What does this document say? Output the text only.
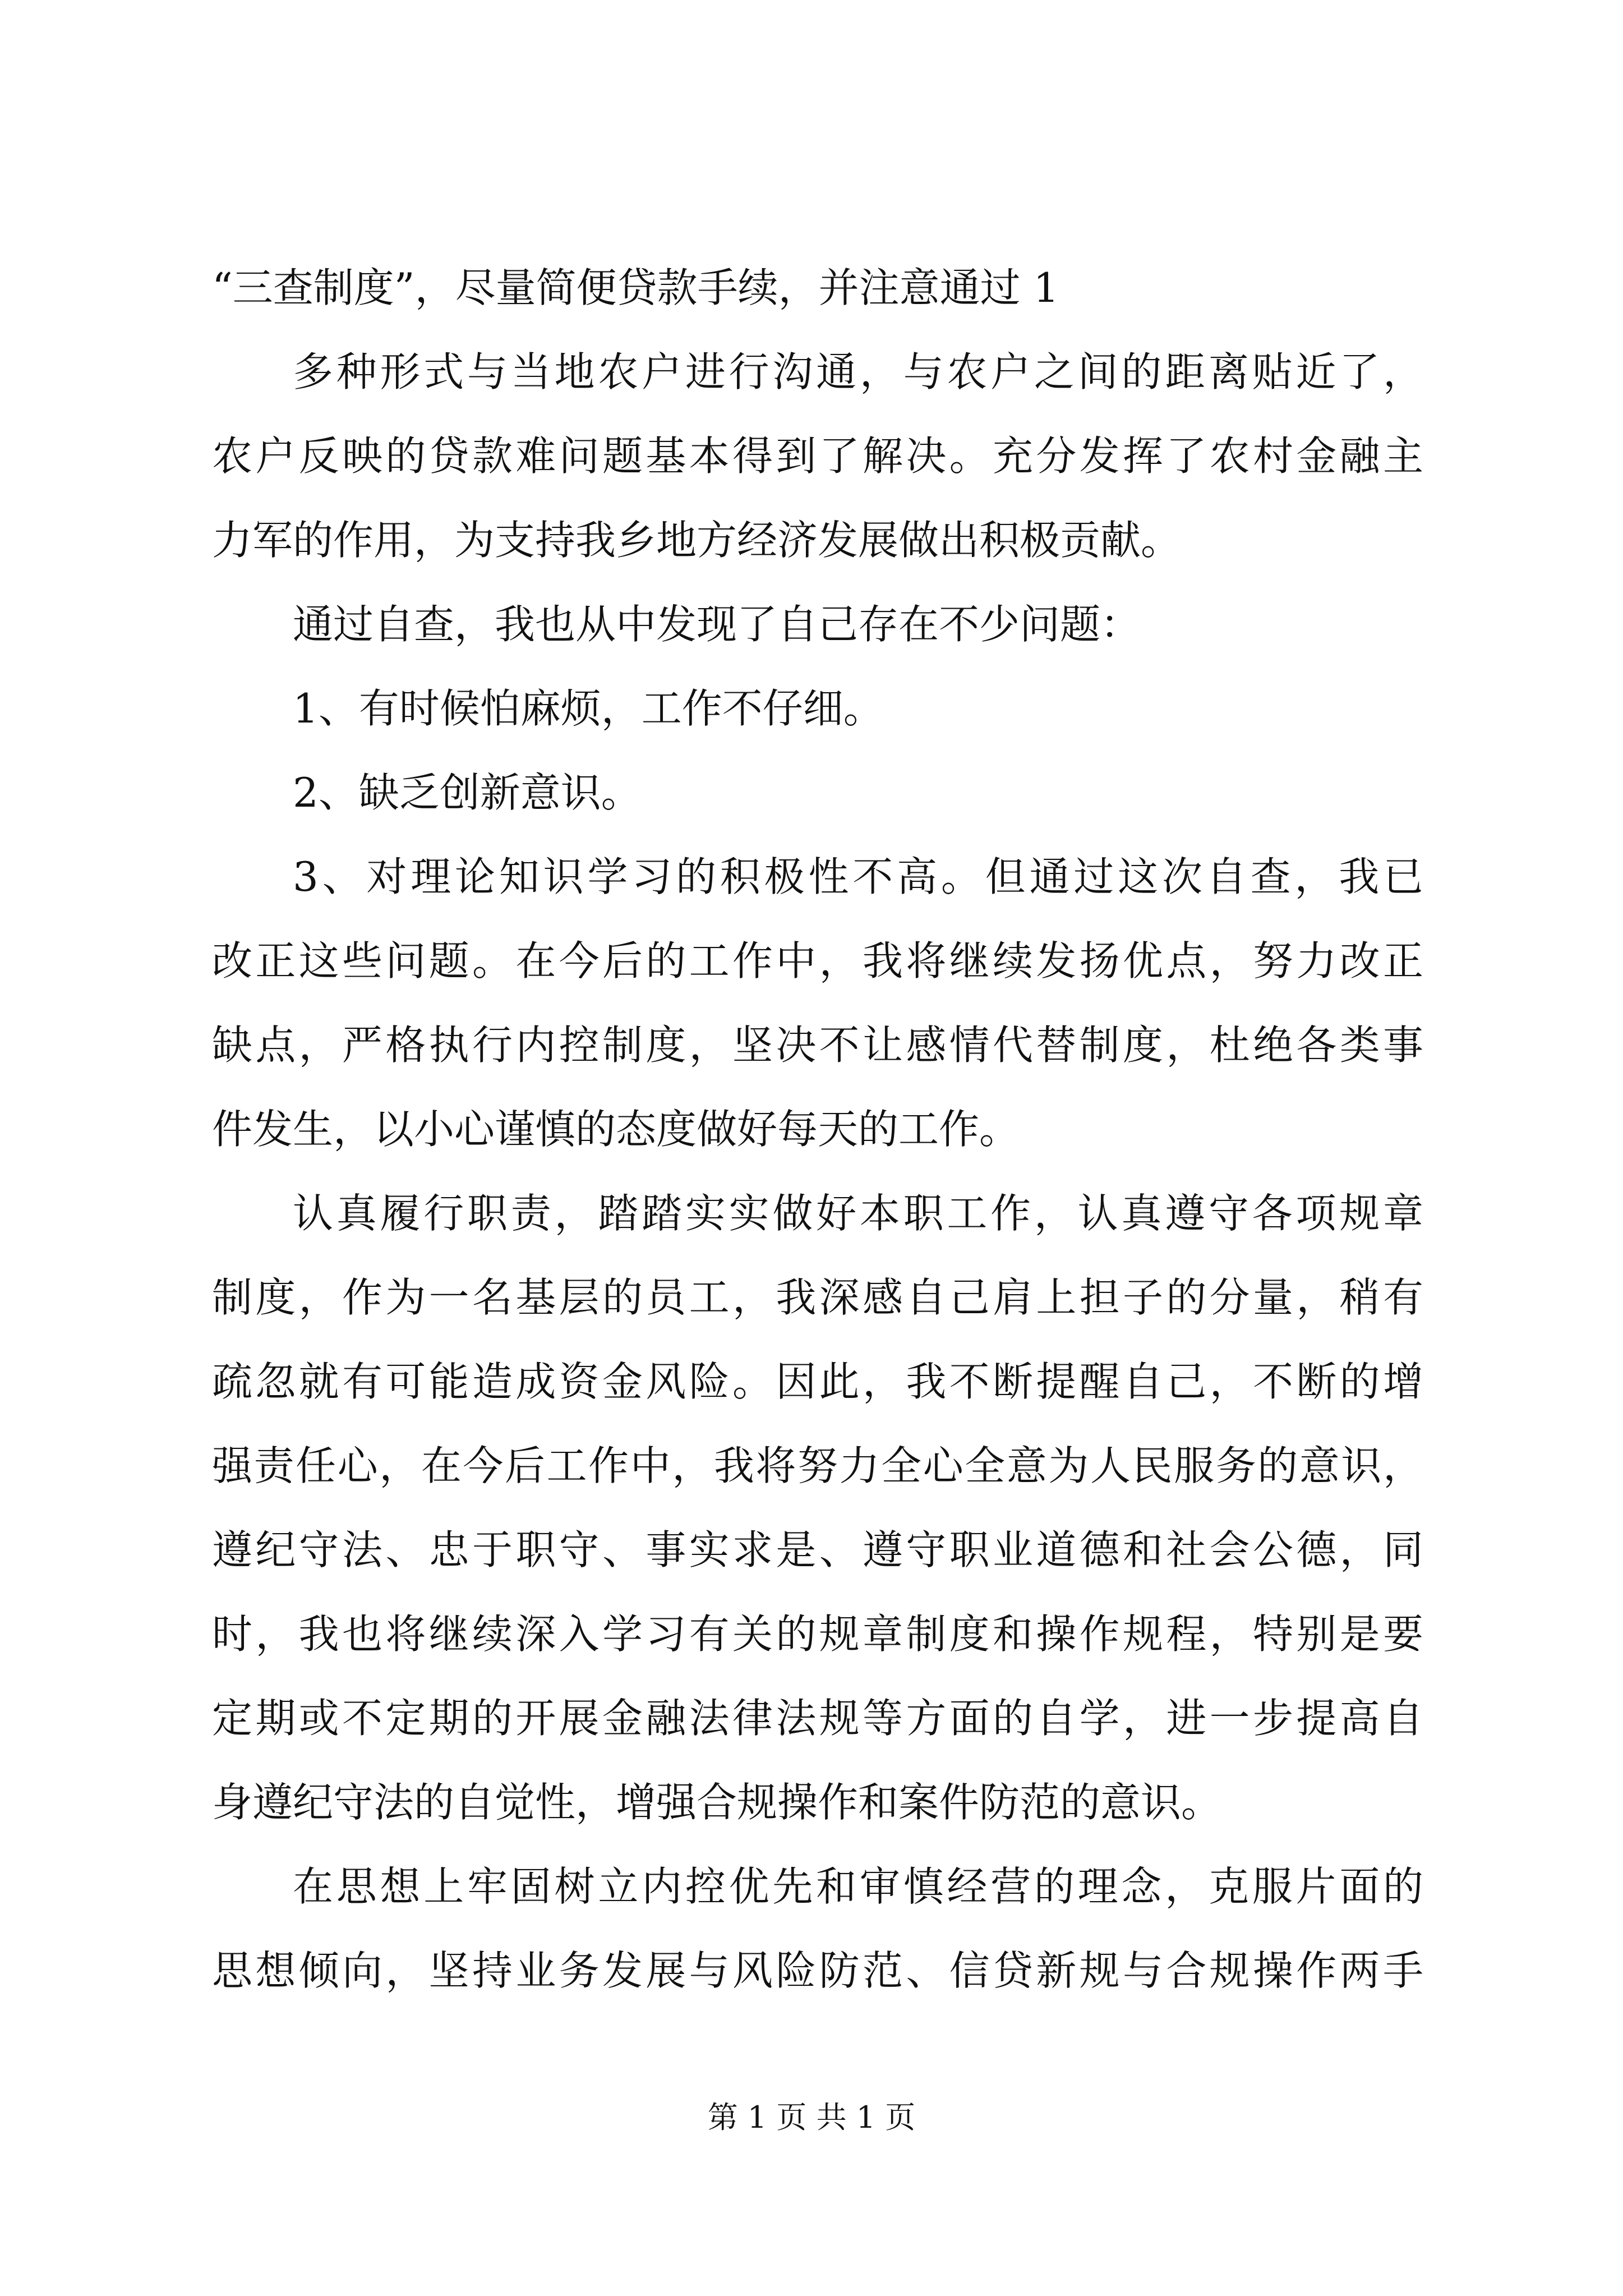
“三查制度”，尽量简便贷款手续，并注意通过 1
多种形式与当地农户进行沟通，与农户之间的距离贴近了，
农户反映的贷款难问题基本得到了解决。充分发挥了农村金融主
力军的作用，为支持我乡地方经济发展做出积极贡献。
通过自查，我也从中发现了自己存在不少问题：
1、有时候怕麻烦，工作不仔细。
2、缺乏创新意识。
3、对理论知识学习的积极性不高。但通过这次自查，我已
改正这些问题。在今后的工作中，我将继续发扬优点，努力改正
缺点，严格执行内控制度，坚决不让感情代替制度，杜绝各类事
件发生，以小心谨慎的态度做好每天的工作。
认真履行职责，踏踏实实做好本职工作，认真遵守各项规章
制度，作为一名基层的员工，我深感自己肩上担子的分量，稍有
疏忽就有可能造成资金风险。因此，我不断提醒自己，不断的增
强责任心，在今后工作中，我将努力全心全意为人民服务的意识，
遵纪守法、忠于职守、事实求是、遵守职业道德和社会公德，同
时，我也将继续深入学习有关的规章制度和操作规程，特别是要
定期或不定期的开展金融法律法规等方面的自学，进一步提高自
身遵纪守法的自觉性，增强合规操作和案件防范的意识。
在思想上牢固树立内控优先和审慎经营的理念，克服片面的
思想倾向，坚持业务发展与风险防范、信贷新规与合规操作两手
第 1 页 共 1 页
